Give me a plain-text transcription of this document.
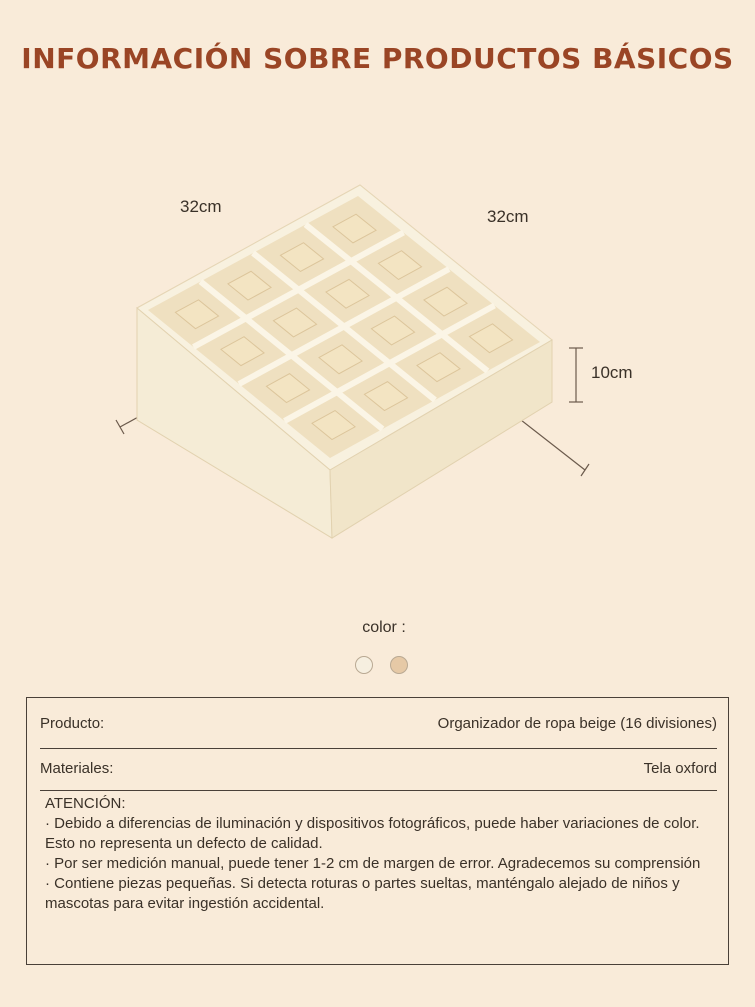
INFORMACIÓN SOBRE PRODUCTOS BÁSICOS
32cm
32cm
10cm
color :
Producto:	Organizador de ropa beige (16 divisiones)
Materiales:	Tela oxford

ATENCIÓN:

· Debido a diferencias de iluminación y dispositivos fotográficos, puede haber variaciones de color. Esto no representa un defecto de calidad.

· Por ser medición manual, puede tener 1-2 cm de margen de error. Agradecemos su comprensión

· Contiene piezas pequeñas. Si detecta roturas o partes sueltas, manténgalo alejado de niños y mascotas para evitar ingestión accidental.
